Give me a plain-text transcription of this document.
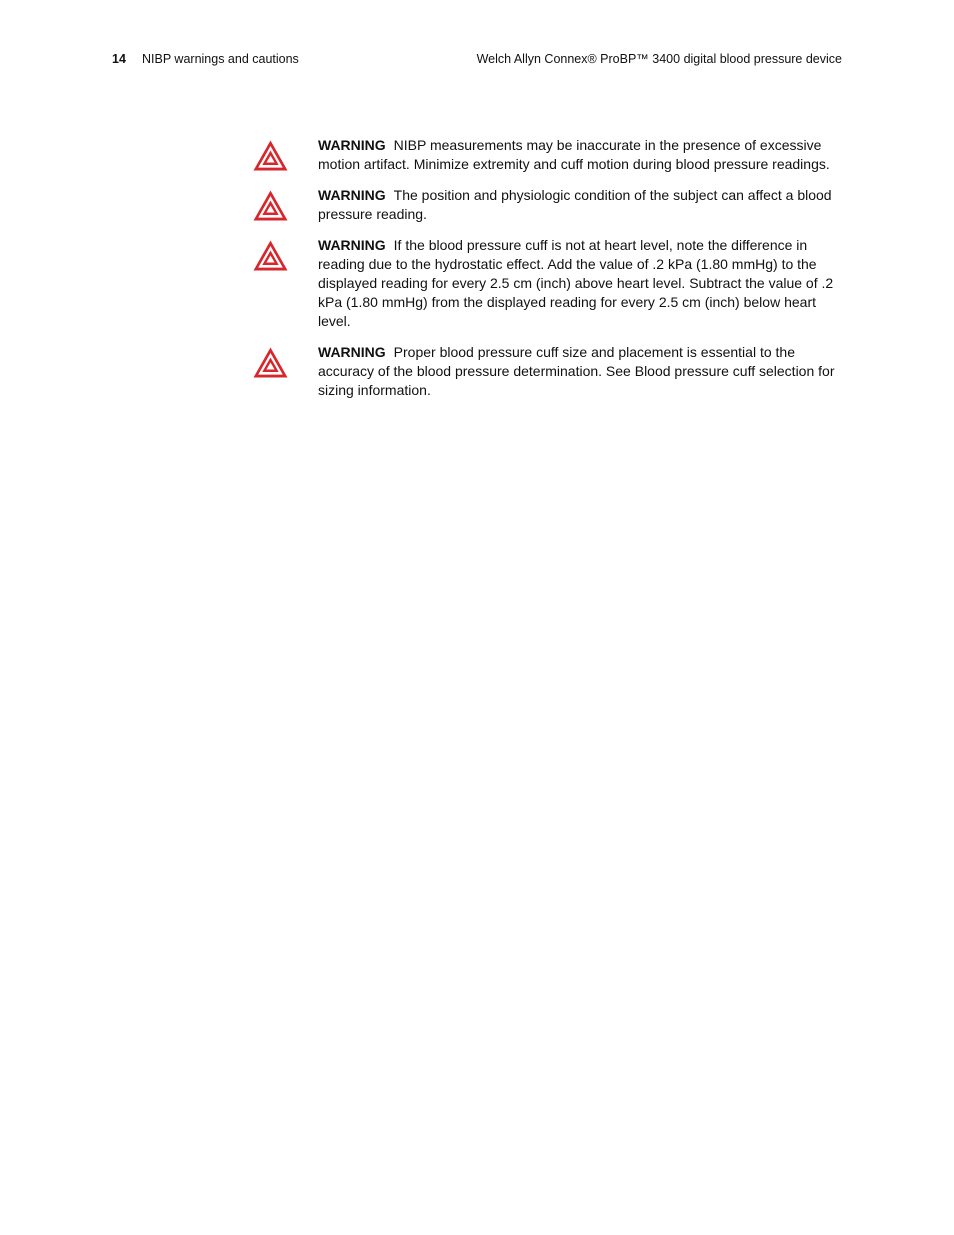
14 NIBP warnings and cautions	Welch Allyn Connex® ProBP™ 3400 digital blood pressure device
WARNING NIBP measurements may be inaccurate in the presence of excessive motion artifact. Minimize extremity and cuff motion during blood pressure readings.
WARNING The position and physiologic condition of the subject can affect a blood pressure reading.
WARNING If the blood pressure cuff is not at heart level, note the difference in reading due to the hydrostatic effect. Add the value of .2 kPa (1.80 mmHg) to the displayed reading for every 2.5 cm (inch) above heart level. Subtract the value of .2 kPa (1.80 mmHg) from the displayed reading for every 2.5 cm (inch) below heart level.
WARNING Proper blood pressure cuff size and placement is essential to the accuracy of the blood pressure determination. See Blood pressure cuff selection for sizing information.
